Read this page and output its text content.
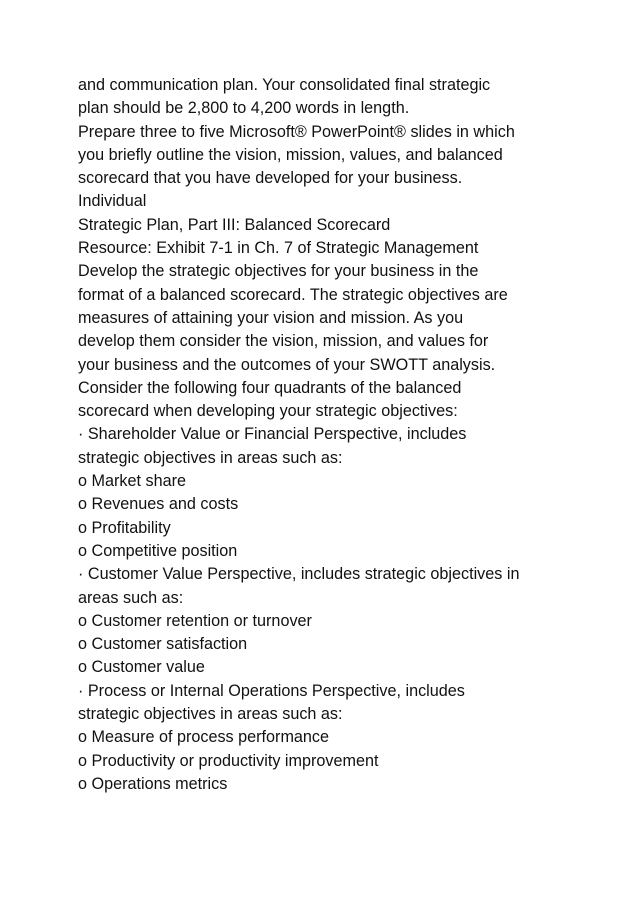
and communication plan. Your consolidated final strategic
plan should be 2,800 to 4,200 words in length.
Prepare three to five Microsoft® PowerPoint® slides in which
you briefly outline the vision, mission, values, and balanced
scorecard that you have developed for your business.
Individual
Strategic Plan, Part III: Balanced Scorecard
Resource: Exhibit 7-1 in Ch. 7 of Strategic Management
Develop the strategic objectives for your business in the
format of a balanced scorecard. The strategic objectives are
measures of attaining your vision and mission. As you
develop them consider the vision, mission, and values for
your business and the outcomes of your SWOTT analysis.
Consider the following four quadrants of the balanced
scorecard when developing your strategic objectives:
· Shareholder Value or Financial Perspective, includes
strategic objectives in areas such as:
o Market share
o Revenues and costs
o Profitability
o Competitive position
· Customer Value Perspective, includes strategic objectives in
areas such as:
o Customer retention or turnover
o Customer satisfaction
o Customer value
· Process or Internal Operations Perspective, includes
strategic objectives in areas such as:
o Measure of process performance
o Productivity or productivity improvement
o Operations metrics
